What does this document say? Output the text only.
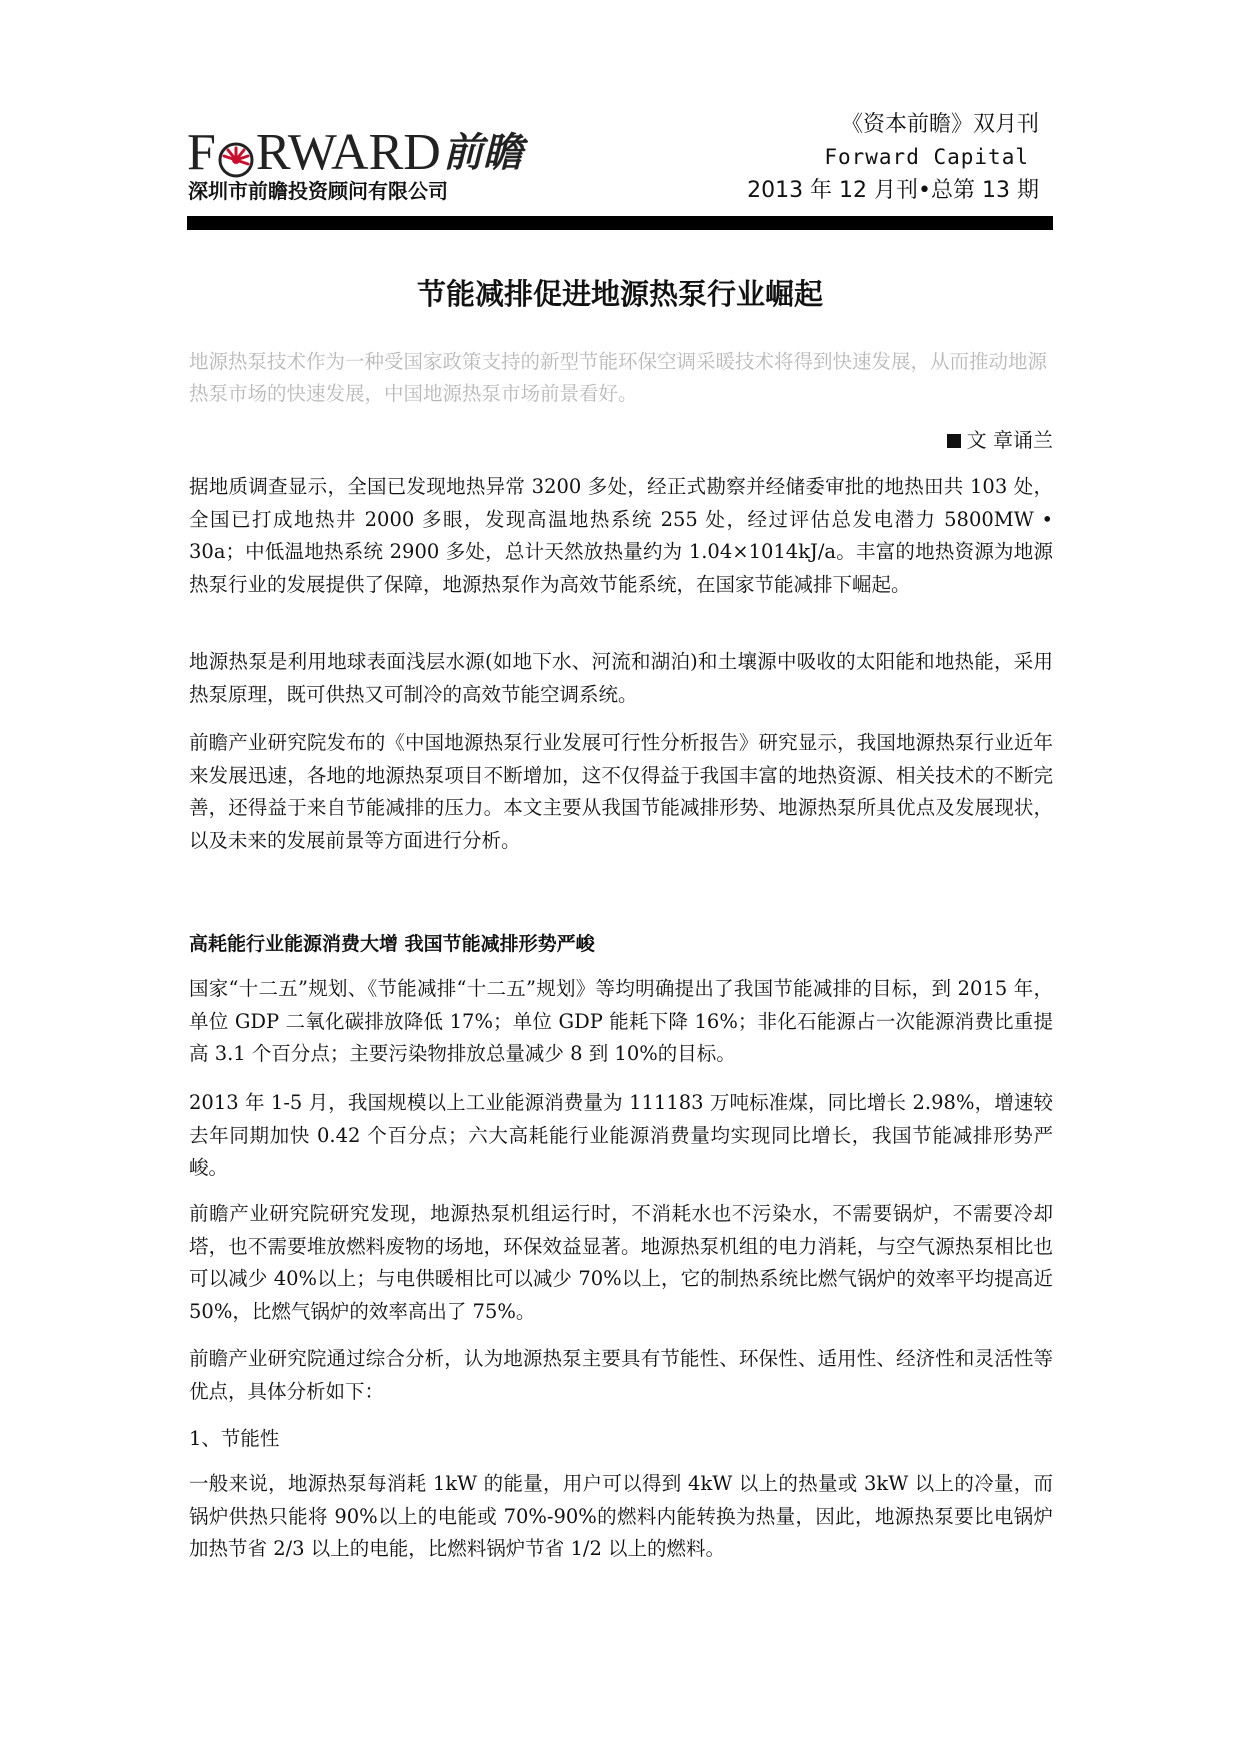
F RWARD前瞻
深圳市前瞻投资顾问有限公司
《资本前瞻》双月刊
Forward Capital
2013 年 12 月刊•总第 13 期
节能减排促进地源热泵行业崛起
地源热泵技术作为一种受国家政策支持的新型节能环保空调采暖技术将得到快速发展，从而推动地源热泵市场的快速发展，中国地源热泵市场前景看好。
文 章诵兰
据地质调查显示，全国已发现地热异常 3200 多处，经正式勘察并经储委审批的地热田共 103 处，全国已打成地热井 2000 多眼，发现高温地热系统 255 处，经过评估总发电潜力 5800MW • 30a；中低温地热系统 2900 多处，总计天然放热量约为 1.04×1014kJ/a。丰富的地热资源为地源热泵行业的发展提供了保障，地源热泵作为高效节能系统，在国家节能减排下崛起。
地源热泵是利用地球表面浅层水源(如地下水、河流和湖泊)和土壤源中吸收的太阳能和地热能，采用热泵原理，既可供热又可制冷的高效节能空调系统。
前瞻产业研究院发布的《中国地源热泵行业发展可行性分析报告》研究显示，我国地源热泵行业近年来发展迅速，各地的地源热泵项目不断增加，这不仅得益于我国丰富的地热资源、相关技术的不断完善，还得益于来自节能减排的压力。本文主要从我国节能减排形势、地源热泵所具优点及发展现状，以及未来的发展前景等方面进行分析。
高耗能行业能源消费大增 我国节能减排形势严峻
国家“十二五”规划、《节能减排“十二五”规划》等均明确提出了我国节能减排的目标，到 2015 年，单位 GDP 二氧化碳排放降低 17%；单位 GDP 能耗下降 16%；非化石能源占一次能源消费比重提高 3.1 个百分点；主要污染物排放总量减少 8 到 10%的目标。
2013 年 1-5 月，我国规模以上工业能源消费量为 111183 万吨标准煤，同比增长 2.98%，增速较去年同期加快 0.42 个百分点；六大高耗能行业能源消费量均实现同比增长，我国节能减排形势严峻。
前瞻产业研究院研究发现，地源热泵机组运行时，不消耗水也不污染水，不需要锅炉，不需要冷却塔，也不需要堆放燃料废物的场地，环保效益显著。地源热泵机组的电力消耗，与空气源热泵相比也可以减少 40%以上；与电供暖相比可以减少 70%以上，它的制热系统比燃气锅炉的效率平均提高近 50%，比燃气锅炉的效率高出了 75%。
前瞻产业研究院通过综合分析，认为地源热泵主要具有节能性、环保性、适用性、经济性和灵活性等优点，具体分析如下：
1、节能性
一般来说，地源热泵每消耗 1kW 的能量，用户可以得到 4kW 以上的热量或 3kW 以上的冷量，而锅炉供热只能将 90%以上的电能或 70%-90%的燃料内能转换为热量，因此，地源热泵要比电锅炉加热节省 2/3 以上的电能，比燃料锅炉节省 1/2 以上的燃料。
